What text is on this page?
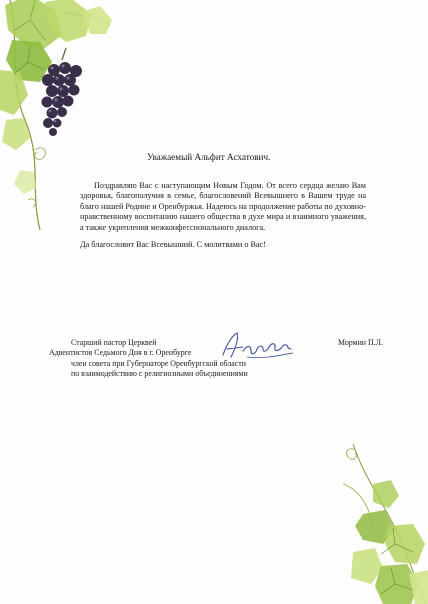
Уважаемый Альфит Асхатович.

Поздравляю Вас с наступающим Новым Годом. От всего сердца желаю Вам здоровья, благополучия в семье, благословений Всевышнего в Вашем труде на благо нашей Родине и Оренбуржья. Надеюсь на продолжение работы по духовно-нравственному воспитанию нашего общества в духе мира и взаимного уважения, а также укрепления межконфессионального диалога.

Да благословит Вас Всевышний. С молитвами о Вас!
Старший пастор Церквей
Адвентистов Седьмого Дня в г. Оренбурге
член совета при Губернаторе Оренбургской области
по взаимодействию с религиозными объединениями
Мормин П.Л.
